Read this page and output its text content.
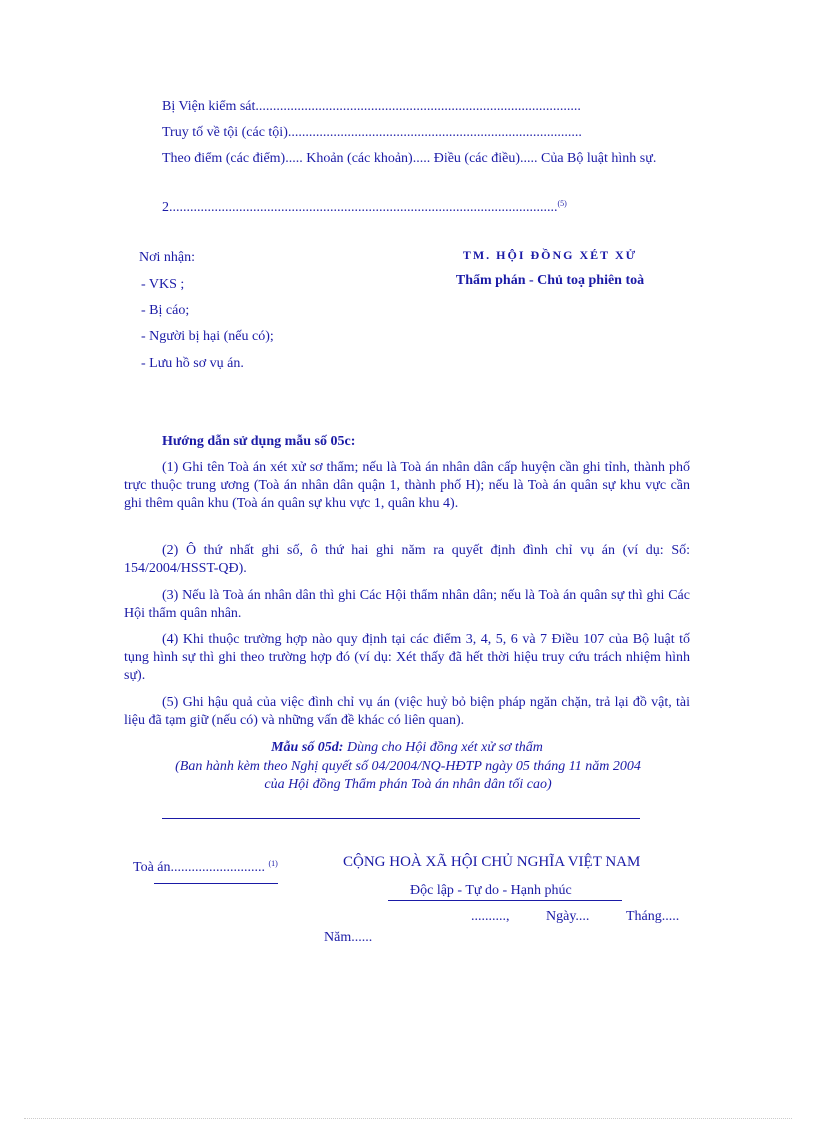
Bị Viện kiểm sát.............................................................................................
Truy tố về tội (các tội)....................................................................................
Theo điểm (các điểm)..... Khoản (các khoản)..... Điều (các điều)..... Của Bộ luật hình sự.
2...............................................................................................................$^{(5)}$
Nơi nhận:
- VKS ;
- Bị cáo;
- Người bị hại (nếu có);
- Lưu hồ sơ vụ án.
TM. HỘI ĐỒNG XÉT XỬ
Thẩm phán - Chủ toạ phiên toà
Hướng dẫn sử dụng mẫu số 05c:
(1) Ghi tên Toà án xét xử sơ thẩm; nếu là Toà án nhân dân cấp huyện cần ghi tỉnh, thành phố trực thuộc trung ương (Toà án nhân dân quận 1, thành phố H); nếu là Toà án quân sự khu vực cần ghi thêm quân khu (Toà án quân sự khu vực 1, quân khu 4).
(2) Ô thứ nhất ghi số, ô thứ hai ghi năm ra quyết định đình chỉ vụ án (ví dụ: Số: 154/2004/HSST-QĐ).
(3) Nếu là Toà án nhân dân thì ghi Các Hội thẩm nhân dân; nếu là Toà án quân sự thì ghi Các Hội thẩm quân nhân.
(4) Khi thuộc trường hợp nào quy định tại các điểm 3, 4, 5, 6 và 7 Điều 107 của Bộ luật tố tụng hình sự thì ghi theo trường hợp đó (ví dụ: Xét thấy đã hết thời hiệu truy cứu trách nhiệm hình sự).
(5) Ghi hậu quả của việc đình chỉ vụ án (việc huỷ bỏ biện pháp ngăn chặn, trả lại đồ vật, tài liệu đã tạm giữ (nếu có) và những vấn đề khác có liên quan).
Mẫu số 05d: Dùng cho Hội đồng xét xử sơ thẩm
(Ban hành kèm theo Nghị quyết số 04/2004/NQ-HĐTP ngày 05 tháng 11 năm 2004
của Hội đồng Thẩm phán Toà án nhân dân tối cao)
Toà án........................... $^{(1)}$	CỘNG HOÀ XÃ HỘI CHỦ NGHĨA VIỆT NAM
Độc lập - Tự do - Hạnh phúc
..........,	Ngày....	Tháng.....
Năm......
